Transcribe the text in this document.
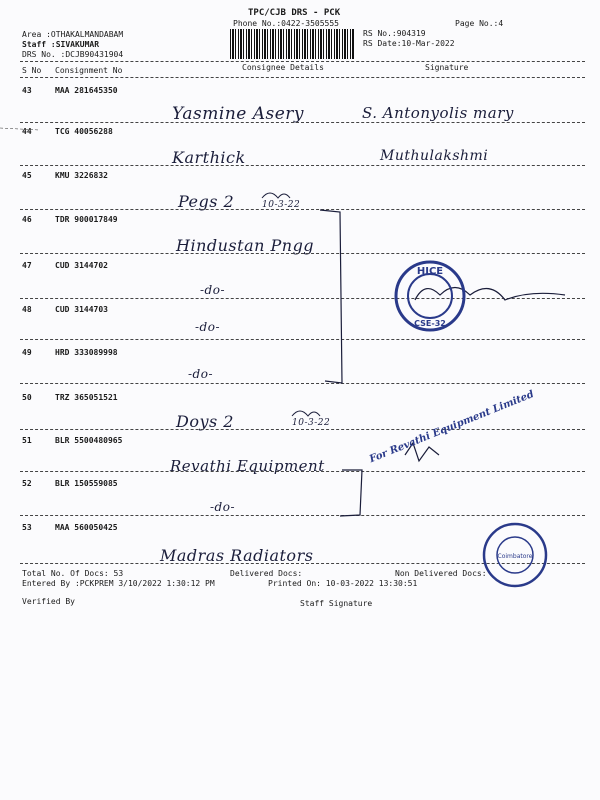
TPC/CJB DRS - PCK
Phone No.:0422-3505555	Page No.:4
Area :OTHAKALMANDABAM
Staff :SIVAKUMAR
DRS No. :DCJB90431904
RS No.:904319
RS Date:10-Mar-2022
S No Consignment No	Consignee Details	Signature
43	MAA 281645350
Yasmine Asery	S. Antonyolis mary
44	TCG 40056288
Karthick	Muthulakshmi
45	KMU 3226832
Pegs 2	10-3-22
46	TDR 900017849
Hindustan Pngg
47	CUD 3144702
-do-
48	CUD 3144703
-do-
49	HRD 333089998
-do-
50	TRZ 365051521
Doys 2	10-3-22
51	BLR 5500480965
Revathi Equipment
52	BLR 150559085
-do-
53	MAA 560050425
Madras Radiators
HICE
CSE-32
For Revathi Equipment Limited
Coimbatore
Total No. Of Docs: 53	Delivered Docs:	Non Delivered Docs:
Entered By :PCKPREM 3/10/2022 1:30:12 PM	Printed On: 10-03-2022 13:30:51
Verified By	Staff Signature
